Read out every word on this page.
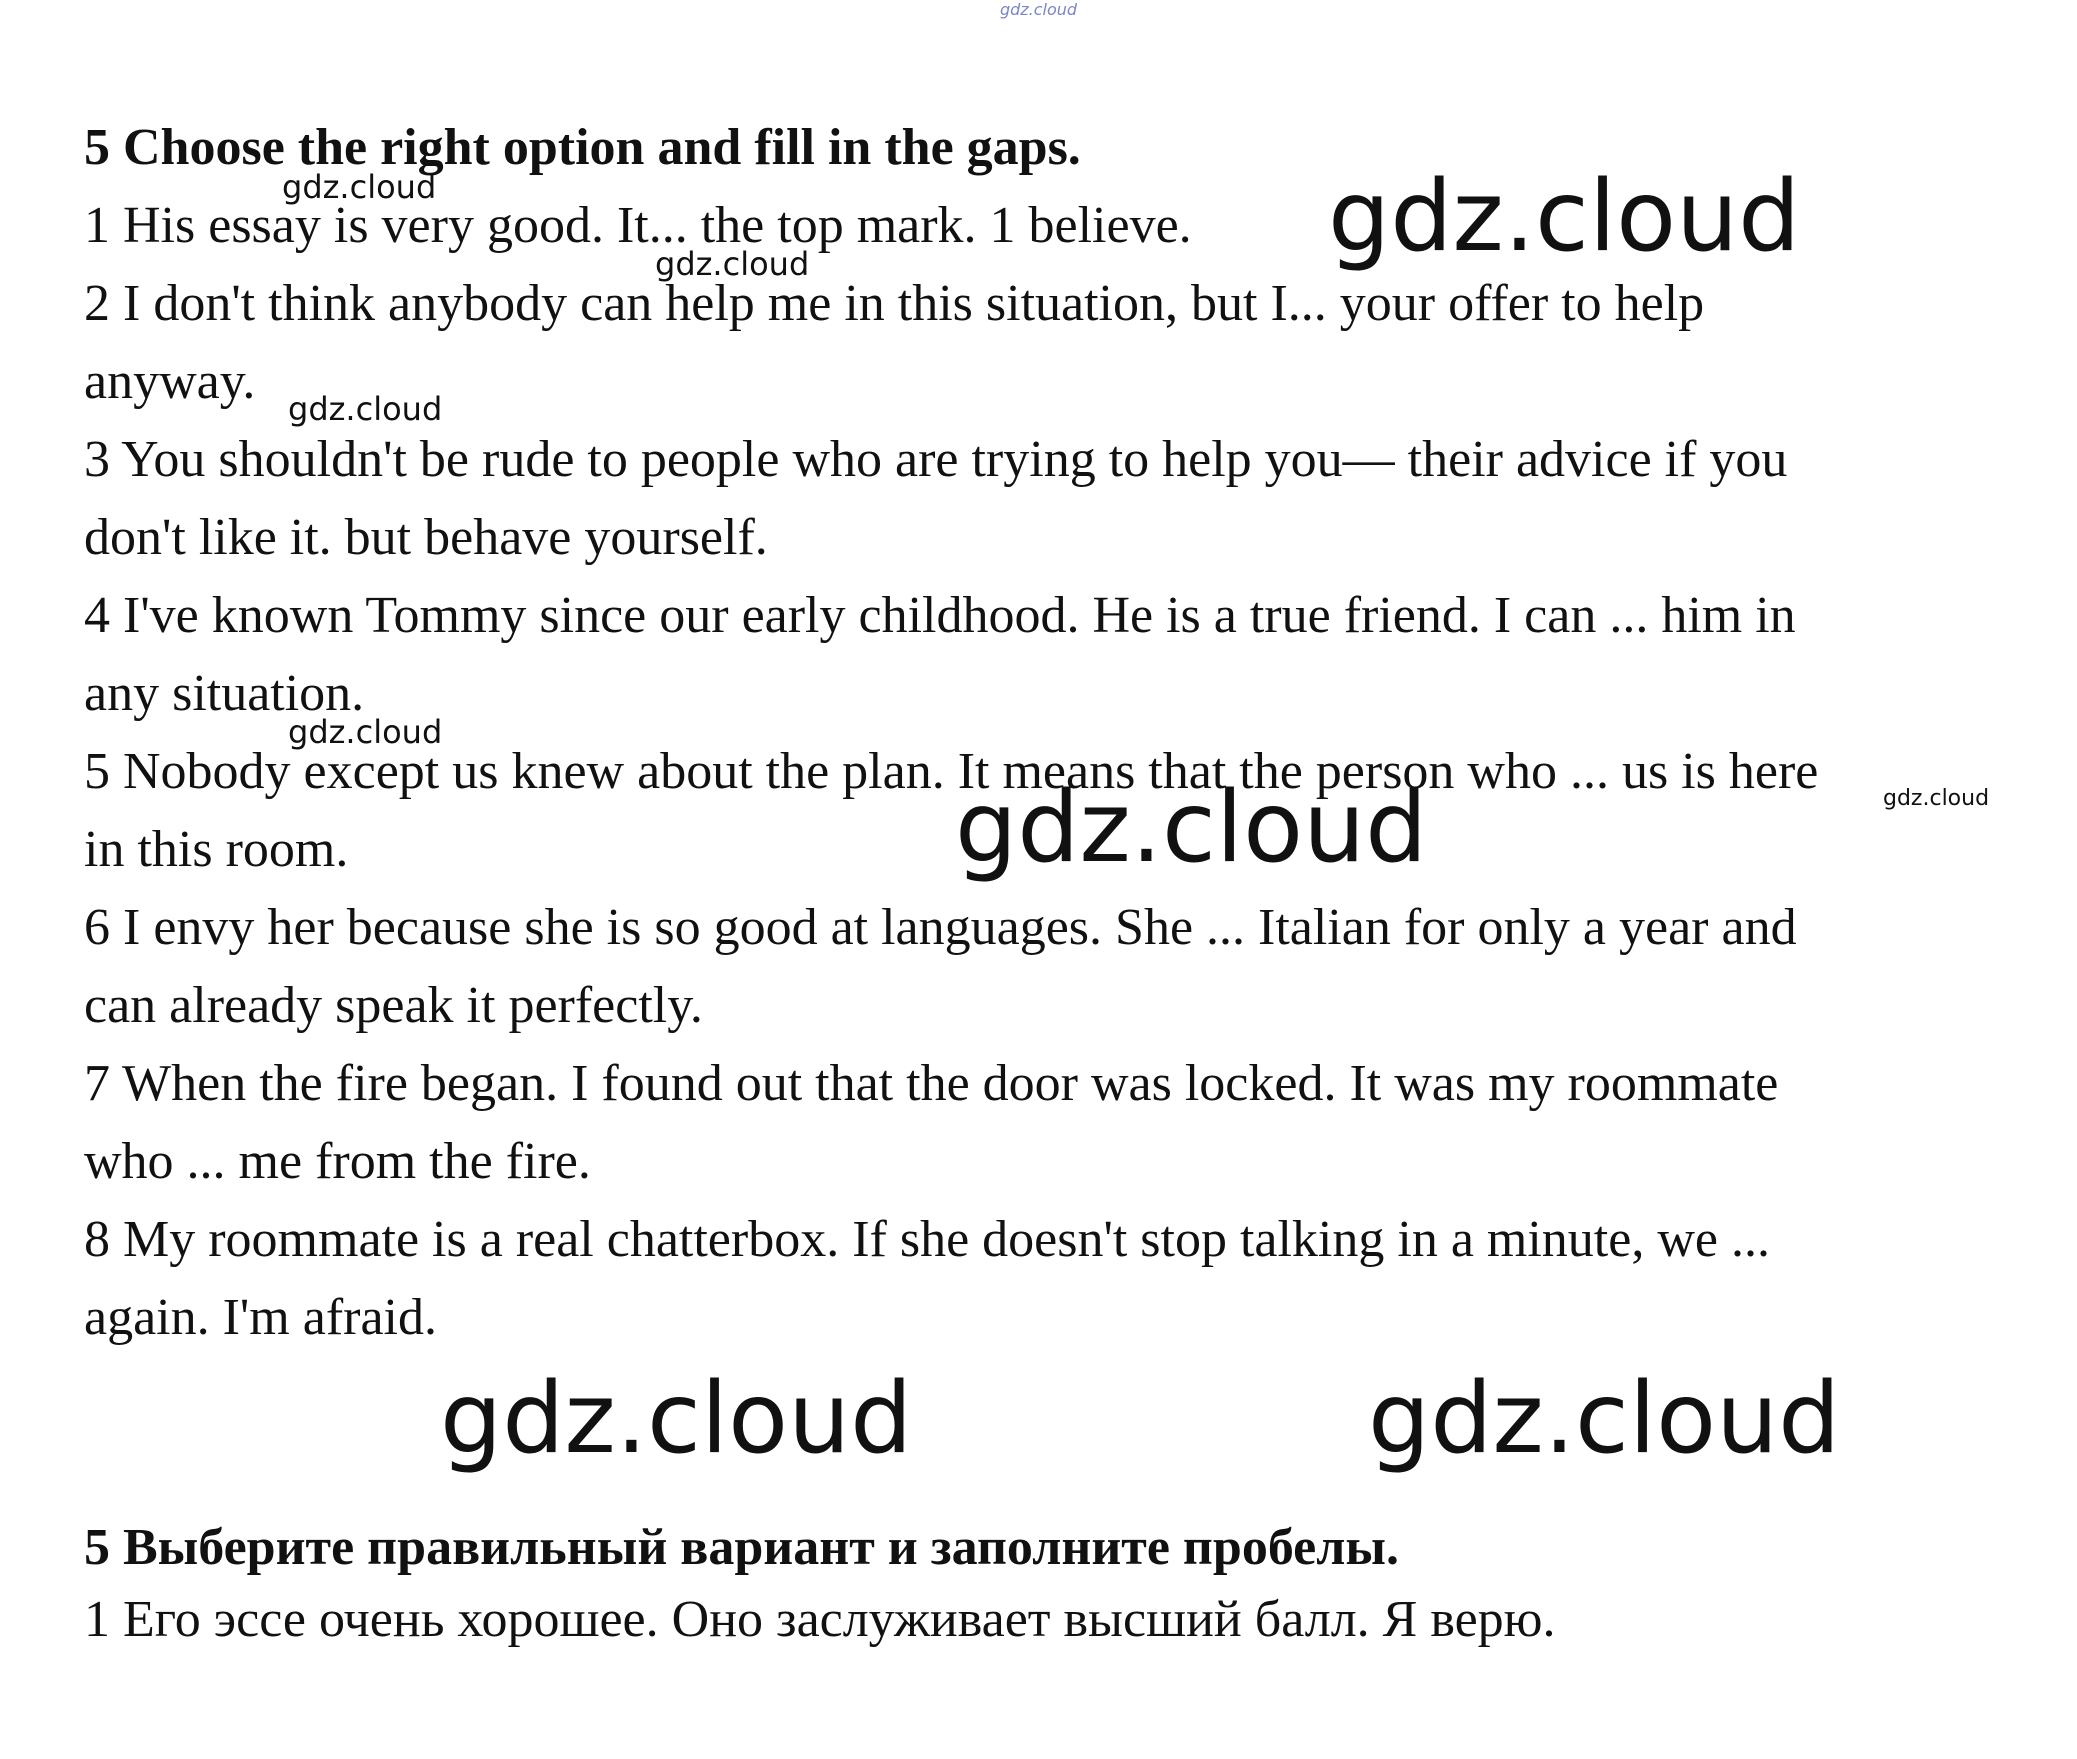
gdz.cloud
5 Choose the right option and fill in the gaps.
1 His essay is very good. It... the top mark. 1 believe.
2 I don't think anybody can help me in this situation, but I... your offer to help
anyway.
3 You shouldn't be rude to people who are trying to help you— their advice if you
don't like it. but behave yourself.
4 I've known Tommy since our early childhood. He is a true friend. I can ... him in
any situation.
5 Nobody except us knew about the plan. It means that the person who ... us is here
in this room.
6 I envy her because she is so good at languages. She ... Italian for only a year and
can already speak it perfectly.
7 When the fire began. I found out that the door was locked. It was my roommate
who ... me from the fire.
8 My roommate is a real chatterbox. If she doesn't stop talking in a minute, we ...
again. I'm afraid.
5 Выберите правильный вариант и заполните пробелы.
1 Его эссе очень хорошее. Оно заслуживает высший балл. Я верю.
gdz.cloud
gdz.cloud
gdz.cloud
gdz.cloud
gdz.cloud
gdz.cloud
gdz.cloud
gdz.cloud	gdz.cloud
